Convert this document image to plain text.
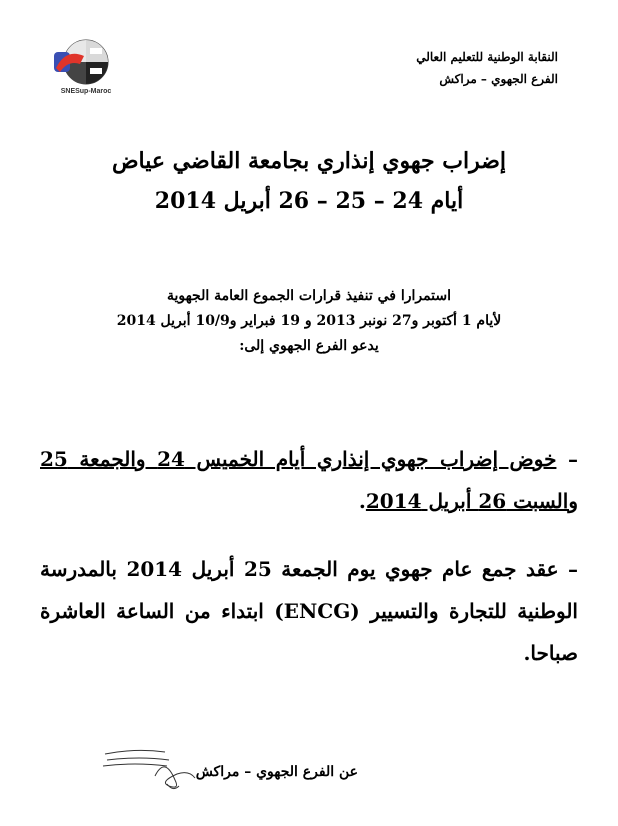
SNESup-Maroc
النقابة الوطنية للتعليم العالي
الفرع الجهوي – مراكش
إضراب جهوي إنذاري بجامعة القاضي عياض
أيام 24 – 25 – 26 أبريل 2014
استمرارا في تنفيذ قرارات الجموع العامة الجهوية
لأيام 1 أكتوبر و27 نونبر 2013 و 19 فبراير و10/9 أبريل 2014
يدعو الفرع الجهوي إلى:
– خوض إضراب جهوي إنذاري أيام الخميس 24 والجمعة 25 والسبت 26 أبريل 2014.
– عقد جمع عام جهوي يوم الجمعة 25 أبريل 2014 بالمدرسة الوطنية للتجارة والتسيير (ENCG) ابتداء من الساعة العاشرة صباحا.
عن الفرع الجهوي – مراكش
